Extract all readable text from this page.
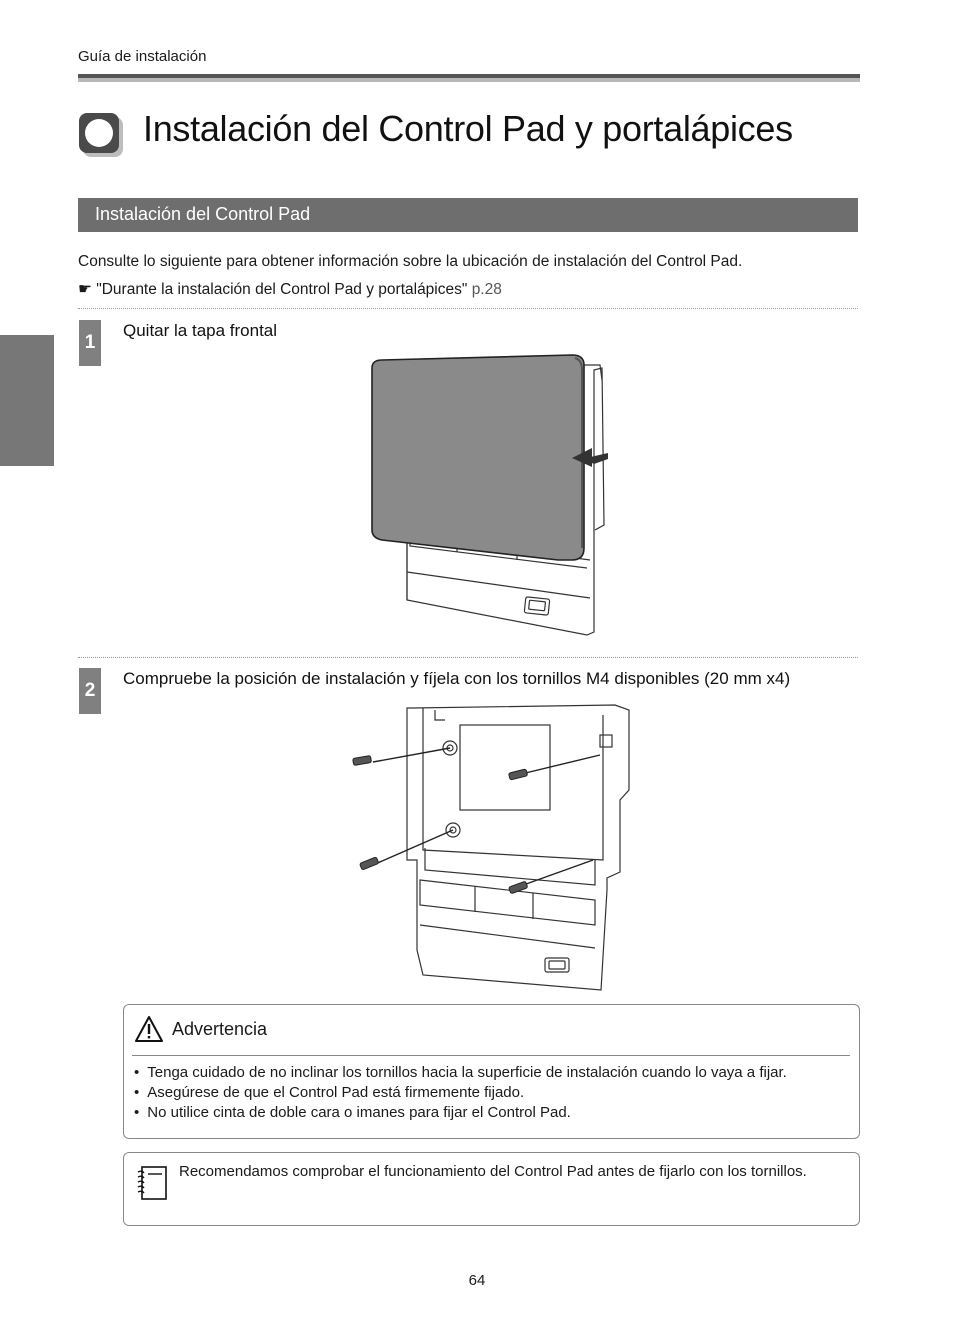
Guía de instalación
Instalación del Control Pad y portalápices
Instalación del Control Pad
Consulte lo siguiente para obtener información sobre la ubicación de instalación del Control Pad.
☛ "Durante la instalación del Control Pad y portalápices" p.28
1
Quitar la tapa frontal
2
Compruebe la posición de instalación y fíjela con los tornillos M4 disponibles (20 mm x4)
Advertencia
• Tenga cuidado de no inclinar los tornillos hacia la superficie de instalación cuando lo vaya a fijar.
• Asegúrese de que el Control Pad está firmemente fijado.
• No utilice cinta de doble cara o imanes para fijar el Control Pad.
Recomendamos comprobar el funcionamiento del Control Pad antes de fijarlo con los tornillos.
64
